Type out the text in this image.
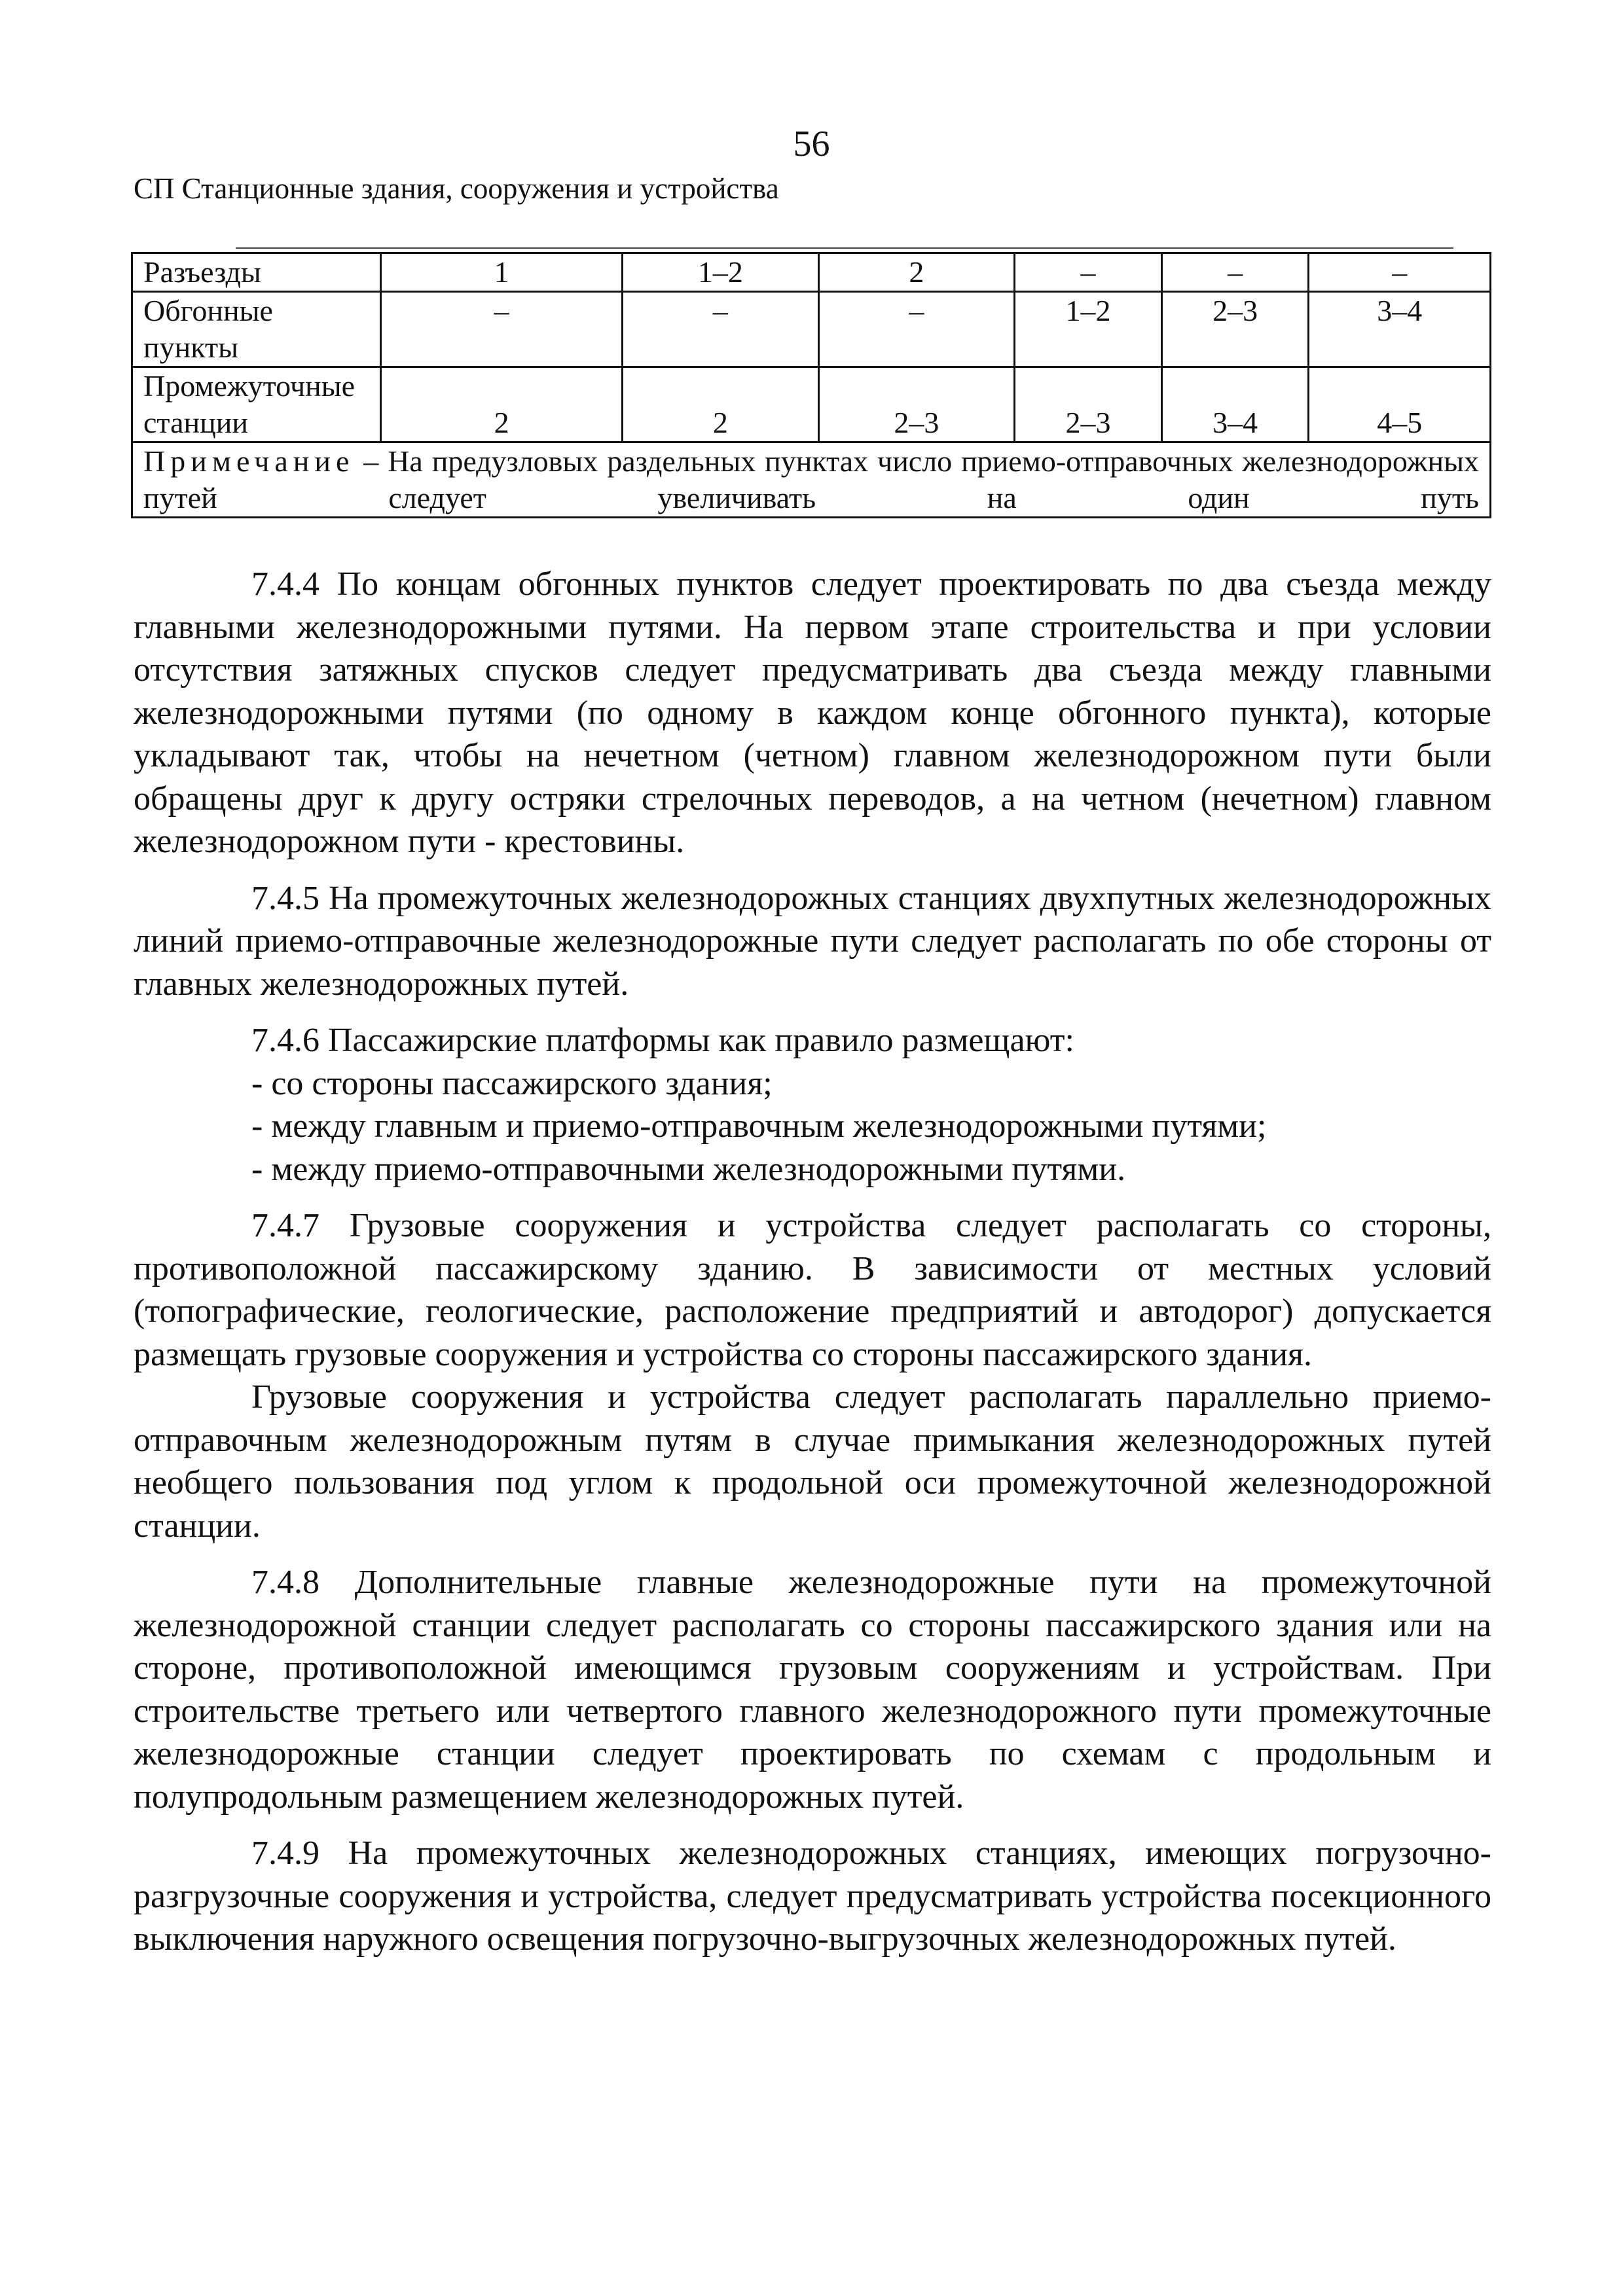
56
СП Станционные здания, сооружения и устройства
Разъезды	1	1–2	2	–	–	–
Обгонные пункты	–	–	–	1–2	2–3	3–4
Промежуточные станции	2	2	2–3	2–3	3–4	4–5
Примечание – На предузловых раздельных пунктах число приемо-отправочных железнодорожных путей следует увеличивать на один путь						

7.4.4 По концам обгонных пунктов следует проектировать по два съезда между главными железнодорожными путями. На первом этапе строительства и при условии отсутствия затяжных спусков следует предусматривать два съезда между главными железнодорожными путями (по одному в каждом конце обгонного пункта), которые укладывают так, чтобы на нечетном (четном) главном железнодорожном пути были обращены друг к другу остряки стрелочных переводов, а на четном (нечетном) главном железнодорожном пути - крестовины.

7.4.5 На промежуточных железнодорожных станциях двухпутных железнодорожных линий приемо-отправочные железнодорожные пути следует располагать по обе стороны от главных железнодорожных путей.

7.4.6 Пассажирские платформы как правило размещают:

- со стороны пассажирского здания;

- между главным и приемо-отправочным железнодорожными путями;

- между приемо-отправочными железнодорожными путями.

7.4.7 Грузовые сооружения и устройства следует располагать со стороны, противоположной пассажирскому зданию. В зависимости от местных условий (топографические, геологические, расположение предприятий и автодорог) допускается размещать грузовые сооружения и устройства со стороны пассажирского здания.

Грузовые сооружения и устройства следует располагать параллельно приемо-отправочным железнодорожным путям в случае примыкания железнодорожных путей необщего пользования под углом к продольной оси промежуточной железнодорожной станции.

7.4.8 Дополнительные главные железнодорожные пути на промежуточной железнодорожной станции следует располагать со стороны пассажирского здания или на стороне, противоположной имеющимся грузовым сооружениям и устройствам. При строительстве третьего или четвертого главного железнодорожного пути промежуточные железнодорожные станции следует проектировать по схемам с продольным и полупродольным размещением железнодорожных путей.

7.4.9 На промежуточных железнодорожных станциях, имеющих погрузочно-разгрузочные сооружения и устройства, следует предусматривать устройства посекционного выключения наружного освещения погрузочно-выгрузочных железнодорожных путей.
